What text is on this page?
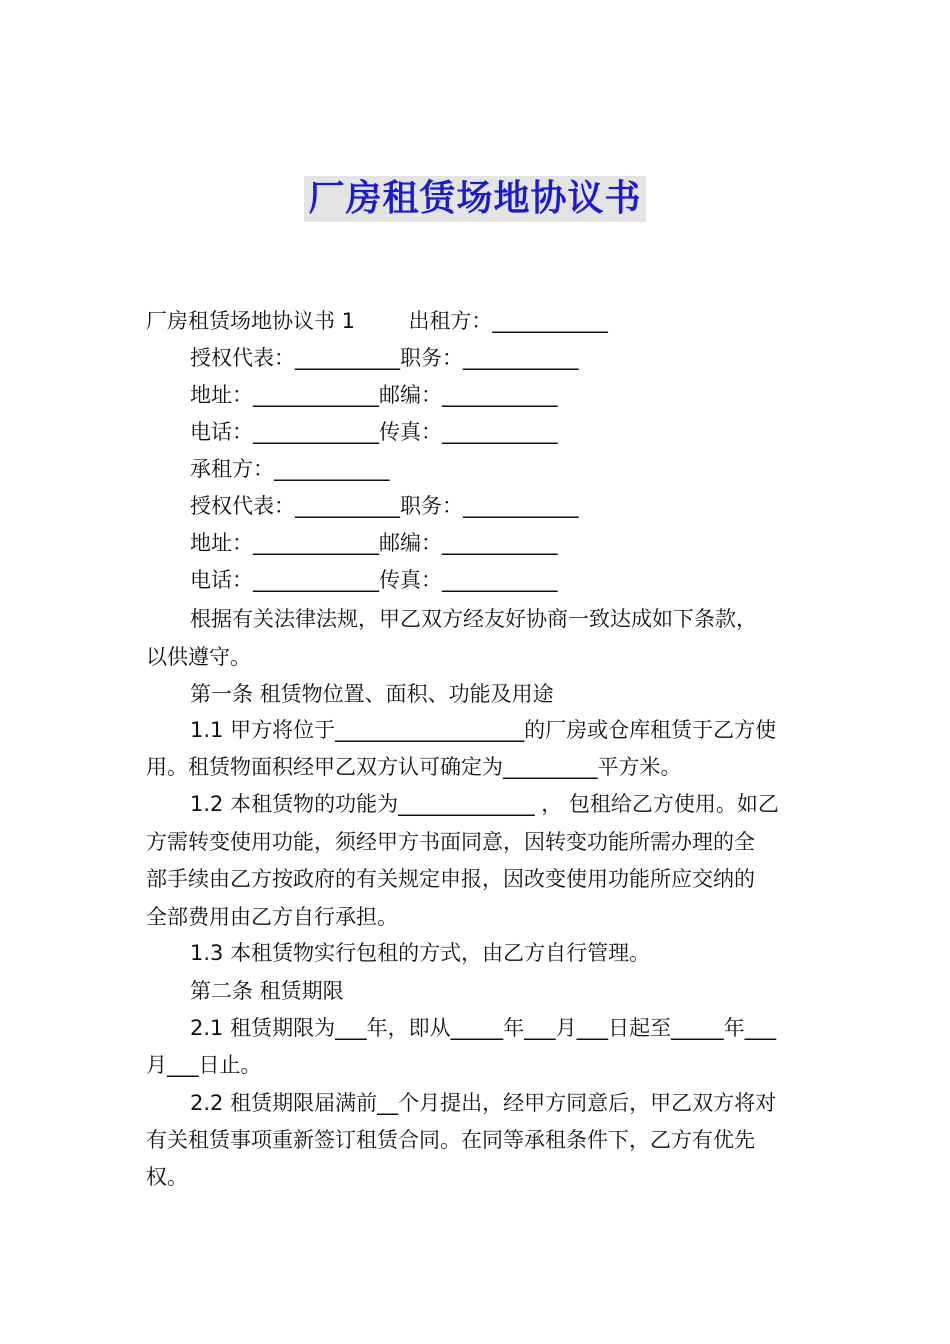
厂房租赁场地协议书

厂房租赁场地协议书 1        出租方：___________

授权代表：__________职务：___________

地址：____________邮编：___________

电话：____________传真：___________

承租方：___________

授权代表：__________职务：___________

地址：____________邮编：___________

电话：____________传真：___________

根据有关法律法规，甲乙双方经友好协商一致达成如下条款，

以供遵守。

第一条 租赁物位置、面积、功能及用途

1.1 甲方将位于__________________的厂房或仓库租赁于乙方使

用。租赁物面积经甲乙双方认可确定为_________平方米。

1.2 本租赁物的功能为_____________ ， 包租给乙方使用。如乙

方需转变使用功能，须经甲方书面同意，因转变功能所需办理的全

部手续由乙方按政府的有关规定申报，因改变使用功能所应交纳的

全部费用由乙方自行承担。

1.3 本租赁物实行包租的方式，由乙方自行管理。

第二条 租赁期限

2.1 租赁期限为___年，即从_____年___月___日起至_____年___

月___日止。

2.2 租赁期限届满前__个月提出，经甲方同意后，甲乙双方将对

有关租赁事项重新签订租赁合同。在同等承租条件下，乙方有优先

权。
